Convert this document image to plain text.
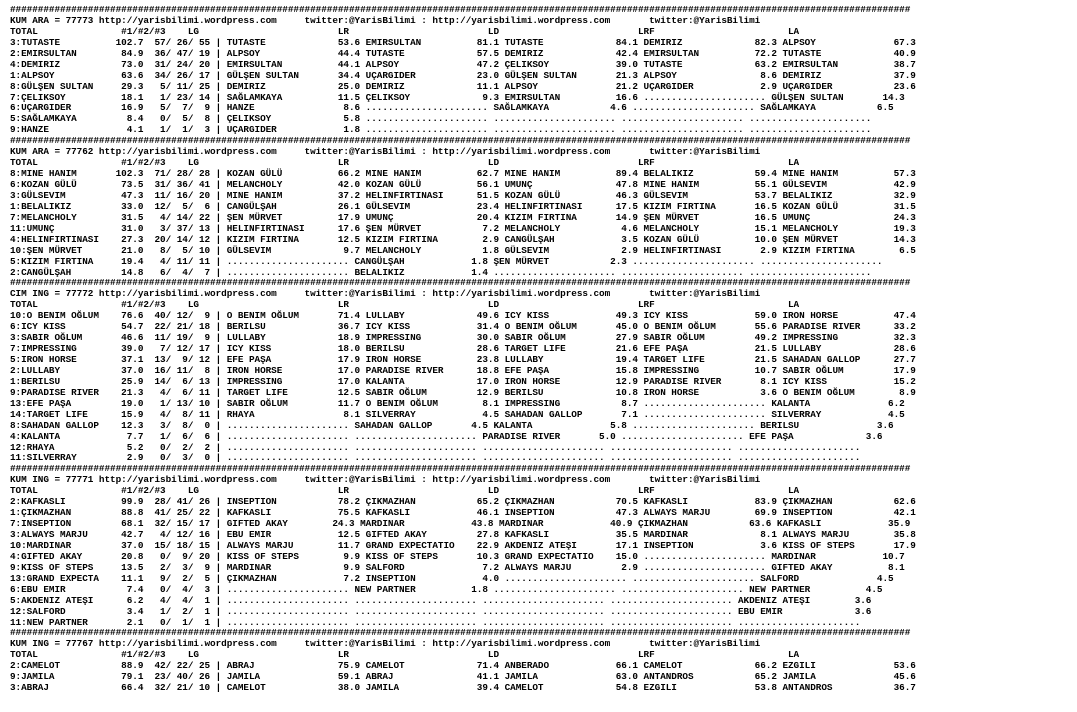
##################################################################################################################################################################
KUM ARA = 77773 http://yarisbilimi.wordpress.com     twitter:@YarisBilimi : http://yarisbilimi.wordpress.com       twitter:@YarisBilimi
TOTAL               #1/#2/#3    LG                         LR                         LD                         LRF                        LA
3:TUTASTE          102.7  57/ 26/ 55 | TUTASTE             53.6 EMIRSULTAN          81.1 TUTASTE             84.1 DEMIRIZ             82.3 ALPSOY              67.3
2:EMIRSULTAN        84.9  36/ 47/ 19 | ALPSOY              44.4 TUTASTE             57.5 DEMIRIZ             42.4 EMIRSULTAN          72.2 TUTASTE             40.9
4:DEMIRIZ           73.0  31/ 24/ 20 | EMIRSULTAN          44.1 ALPSOY              47.2 ÇELIKSOY            39.0 TUTASTE             63.2 EMIRSULTAN          38.7
1:ALPSOY            63.6  34/ 26/ 17 | GÜLŞEN SULTAN       34.4 UÇARGIDER           23.0 GÜLŞEN SULTAN       21.3 ALPSOY               8.6 DEMIRIZ             37.9
8:GÜLŞEN SULTAN     29.3   5/ 11/ 25 | DEMIRIZ             25.0 DEMIRIZ             11.1 ALPSOY              21.2 UÇARGIDER            2.9 UÇARGIDER           23.6
7:ÇELIKSOY          18.1   1/ 23/ 14 | SAĞLAMKAYA          11.5 ÇELIKSOY             9.3 EMIRSULTAN          16.6 ...................... GÜLŞEN SULTAN       14.3
6:UÇARGIDER         16.9   5/  7/  9 | HANZE                8.6 ...................... SAĞLAMKAYA           4.6 ...................... SAĞLAMKAYA           6.5
5:SAĞLAMKAYA         8.4   0/  5/  8 | ÇELIKSOY             5.8 ...................... ...................... ...................... ......................
9:HANZE              4.1   1/  1/  3 | UÇARGIDER            1.8 ...................... ...................... ...................... ......................
##################################################################################################################################################################
KUM ARA = 77762 http://yarisbilimi.wordpress.com     twitter:@YarisBilimi : http://yarisbilimi.wordpress.com       twitter:@YarisBilimi
TOTAL               #1/#2/#3    LG                         LR                         LD                         LRF                        LA
8:MINE HANIM       102.3  71/ 28/ 28 | KOZAN GÜLÜ          66.2 MINE HANIM          62.7 MINE HANIM          89.4 BELALIKIZ           59.4 MINE HANIM          57.3
6:KOZAN GÜLÜ        73.5  31/ 36/ 41 | MELANCHOLY          42.0 KOZAN GÜLÜ          56.1 UMUNÇ               47.8 MINE HANIM          55.1 GÜLSEVIM            42.9
3:GÜLSEVIM          47.3  11/ 16/ 20 | MINE HANIM          37.2 HELINFIRTINASI      51.5 KOZAN GÜLÜ          46.3 GÜLSEVIM            53.7 BELALIKIZ           32.9
1:BELALIKIZ         33.0  12/  5/  6 | CANGÜLŞAH           26.1 GÜLSEVIM            23.4 HELINFIRTINASI      17.5 KIZIM FIRTINA       16.5 KOZAN GÜLÜ          31.5
7:MELANCHOLY        31.5   4/ 14/ 22 | ŞEN MÜRVET          17.9 UMUNÇ               20.4 KIZIM FIRTINA       14.9 ŞEN MÜRVET          16.5 UMUNÇ               24.3
11:UMUNÇ            31.0   3/ 37/ 13 | HELINFIRTINASI      17.6 ŞEN MÜRVET           7.2 MELANCHOLY           4.6 MELANCHOLY          15.1 MELANCHOLY          19.3
4:HELINFIRTINASI    27.3  20/ 14/ 12 | KIZIM FIRTINA       12.5 KIZIM FIRTINA        2.9 CANGÜLŞAH            3.5 KOZAN GÜLÜ          10.0 ŞEN MÜRVET          14.3
10:ŞEN MÜRVET       21.0   8/  5/ 10 | GÜLSEVIM             9.7 MELANCHOLY           1.8 GÜLSEVIM             2.9 HELINFIRTINASI       2.9 KIZIM FIRTINA        6.5
5:KIZIM FIRTINA     19.4   4/ 11/ 11 | ...................... CANGÜLŞAH            1.8 ŞEN MÜRVET           2.3 ...................... ......................
2:CANGÜLŞAH         14.8   6/  4/  7 | ...................... BELALIKIZ            1.4 ...................... ...................... ......................
##################################################################################################################################################################
CIM ING = 77772 http://yarisbilimi.wordpress.com     twitter:@YarisBilimi : http://yarisbilimi.wordpress.com       twitter:@YarisBilimi
TOTAL               #1/#2/#3    LG                         LR                         LD                         LRF                        LA
10:O BENIM OĞLUM    76.6  40/ 12/  9 | O BENIM OĞLUM       71.4 LULLABY             49.6 ICY KISS            49.3 ICY KISS            59.0 IRON HORSE          47.4
6:ICY KISS          54.7  22/ 21/ 18 | BERILSU             36.7 ICY KISS            31.4 O BENIM OĞLUM       45.0 O BENIM OĞLUM       55.6 PARADISE RIVER      33.2
3:SABIR OĞLUM       46.6  11/ 19/  9 | LULLABY             18.9 IMPRESSING          30.0 SABIR OĞLUM         27.9 SABIR OĞLUM         49.2 IMPRESSING          32.3
7:IMPRESSING        39.0   7/ 12/ 17 | ICY KISS            18.0 BERILSU             28.6 TARGET LIFE         21.6 EFE PAŞA            21.5 LULLABY             28.6
5:IRON HORSE        37.1  13/  9/ 12 | EFE PAŞA            17.9 IRON HORSE          23.8 LULLABY             19.4 TARGET LIFE         21.5 SAHADAN GALLOP      27.7
2:LULLABY           37.0  16/ 11/  8 | IRON HORSE          17.0 PARADISE RIVER      18.8 EFE PAŞA            15.8 IMPRESSING          10.7 SABIR OĞLUM         17.9
1:BERILSU           25.9  14/  6/ 13 | IMPRESSING          17.0 KALANTA             17.0 IRON HORSE          12.9 PARADISE RIVER       8.1 ICY KISS            15.2
9:PARADISE RIVER    21.3   4/  6/ 11 | TARGET LIFE         12.5 SABIR OĞLUM         12.9 BERILSU             10.8 IRON HORSE           3.6 O BENIM OĞLUM        8.9
13:EFE PAŞA         19.0   1/ 13/ 10 | SABIR OĞLUM         11.7 O BENIM OĞLUM        8.1 IMPRESSING           8.7 ...................... KALANTA              6.2
14:TARGET LIFE      15.9   4/  8/ 11 | RHAYA                8.1 SILVERRAY            4.5 SAHADAN GALLOP       7.1 ...................... SILVERRAY            4.5
8:SAHADAN GALLOP    12.3   3/  8/  0 | ...................... SAHADAN GALLOP       4.5 KALANTA              5.8 ...................... BERILSU              3.6
4:KALANTA            7.7   1/  6/  6 | ...................... ...................... PARADISE RIVER       5.0 ...................... EFE PAŞA             3.6
12:RHAYA             5.2   0/  2/  2 | ...................... ...................... ...................... ...................... ......................
11:SILVERRAY         2.9   0/  3/  0 | ...................... ...................... ...................... ...................... ......................
##################################################################################################################################################################
KUM ING = 77771 http://yarisbilimi.wordpress.com     twitter:@YarisBilimi : http://yarisbilimi.wordpress.com       twitter:@YarisBilimi
TOTAL               #1/#2/#3    LG                         LR                         LD                         LRF                        LA
2:KAFKASLI          99.9  28/ 41/ 26 | INSEPTION           78.2 ÇIKMAZHAN           65.2 ÇIKMAZHAN           70.5 KAFKASLI            83.9 ÇIKMAZHAN           62.6
1:ÇIKMAZHAN         88.8  41/ 25/ 22 | KAFKASLI            75.5 KAFKASLI            46.1 INSEPTION           47.3 ALWAYS MARJU        69.9 INSEPTION           42.1
7:INSEPTION         68.1  32/ 15/ 17 | GIFTED AKAY        24.3 MARDINAR            43.8 MARDINAR            40.9 ÇIKMAZHAN           63.6 KAFKASLI            35.9
3:ALWAYS MARJU      42.7   4/ 12/ 16 | EBU EMIR            12.5 GIFTED AKAY         27.8 KAFKASLI            35.5 MARDINAR             8.1 ALWAYS MARJU        35.8
10:MARDINAR         37.0  15/ 18/ 15 | ALWAYS MARJU        11.7 GRAND EXPECTATIO    22.9 AKDENIZ ATEŞI       17.1 INSEPTION            3.6 KISS OF STEPS       17.9
4:GIFTED AKAY       20.8   0/  9/ 20 | KISS OF STEPS        9.9 KISS OF STEPS       10.3 GRAND EXPECTATIO    15.0 ...................... MARDINAR            10.7
9:KISS OF STEPS     13.5   2/  3/  9 | MARDINAR             9.9 SALFORD              7.2 ALWAYS MARJU         2.9 ...................... GIFTED AKAY          8.1
13:GRAND EXPECTA    11.1   9/  2/  5 | ÇIKMAZHAN            7.2 INSEPTION            4.0 ...................... ...................... SALFORD              4.5
6:EBU EMIR           7.4   0/  4/  3 | ...................... NEW PARTNER          1.8 ...................... ...................... NEW PARTNER          4.5
5:AKDENIZ ATEŞI      6.2   4/  4/  1 | ...................... ...................... ...................... ...................... AKDENIZ ATEŞI        3.6
12:SALFORD           3.4   1/  2/  1 | ...................... ...................... ...................... ...................... EBU EMIR             3.6
11:NEW PARTNER       2.1   0/  1/  1 | ...................... ...................... ...................... ...................... ......................
##################################################################################################################################################################
KUM ING = 77767 http://yarisbilimi.wordpress.com     twitter:@YarisBilimi : http://yarisbilimi.wordpress.com       twitter:@YarisBilimi
TOTAL               #1/#2/#3    LG                         LR                         LD                         LRF                        LA
2:CAMELOT           88.9  42/ 22/ 25 | ABRAJ               75.9 CAMELOT             71.4 ANBERADO            66.1 CAMELOT             66.2 EZGILI              53.6
9:JAMILA            79.1  23/ 40/ 26 | JAMILA              59.1 ABRAJ               41.1 JAMILA              63.0 ANTANDROS           65.2 JAMILA              45.6
3:ABRAJ             66.4  32/ 21/ 10 | CAMELOT             38.0 JAMILA              39.4 CAMELOT             54.8 EZGILI              53.8 ANTANDROS           36.7
